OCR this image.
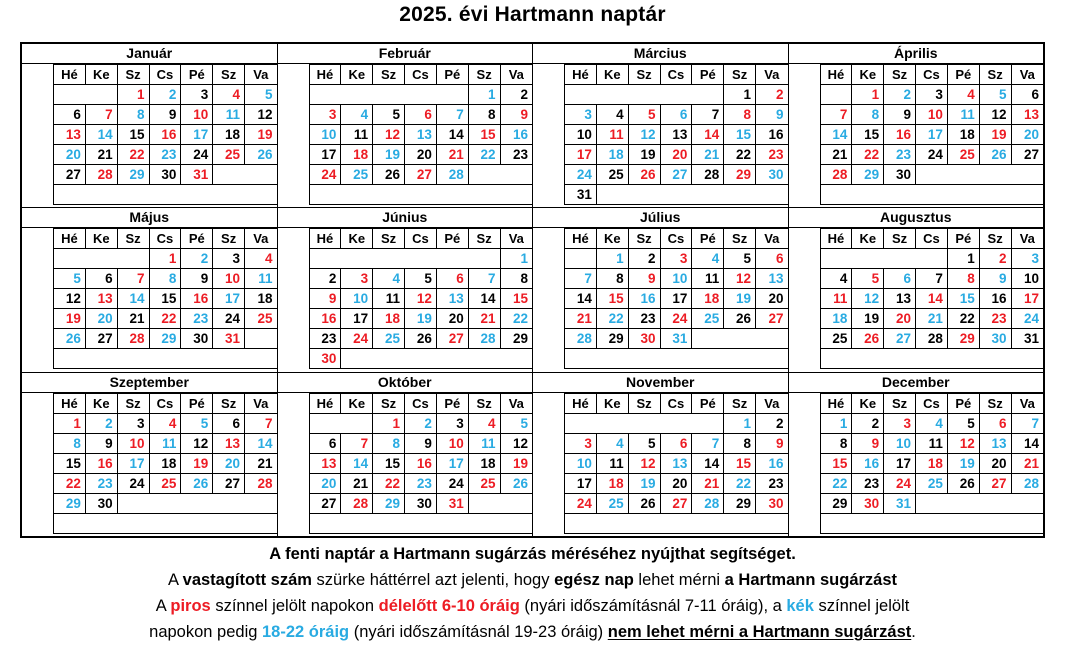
2025. évi Hartmann naptár
Január
Hé	Ke	Sz	Cs	Pé	Sz	Va
		1	2	3	4	5
6	7	8	9	10	11	12
13	14	15	16	17	18	19
20	21	22	23	24	25	26
27	28	29	30	31		

Február
Hé	Ke	Sz	Cs	Pé	Sz	Va
					1	2
3	4	5	6	7	8	9
10	11	12	13	14	15	16
17	18	19	20	21	22	23
24	25	26	27	28		

Március
Hé	Ke	Sz	Cs	Pé	Sz	Va
					1	2
3	4	5	6	7	8	9
10	11	12	13	14	15	16
17	18	19	20	21	22	23
24	25	26	27	28	29	30
31						
Április
Hé	Ke	Sz	Cs	Pé	Sz	Va
	1	2	3	4	5	6
7	8	9	10	11	12	13
14	15	16	17	18	19	20
21	22	23	24	25	26	27
28	29	30				

Május
Hé	Ke	Sz	Cs	Pé	Sz	Va
			1	2	3	4
5	6	7	8	9	10	11
12	13	14	15	16	17	18
19	20	21	22	23	24	25
26	27	28	29	30	31	

Június
Hé	Ke	Sz	Cs	Pé	Sz	Va
						1
2	3	4	5	6	7	8
9	10	11	12	13	14	15
16	17	18	19	20	21	22
23	24	25	26	27	28	29
30						
Július
Hé	Ke	Sz	Cs	Pé	Sz	Va
	1	2	3	4	5	6
7	8	9	10	11	12	13
14	15	16	17	18	19	20
21	22	23	24	25	26	27
28	29	30	31			

Augusztus
Hé	Ke	Sz	Cs	Pé	Sz	Va
				1	2	3
4	5	6	7	8	9	10
11	12	13	14	15	16	17
18	19	20	21	22	23	24
25	26	27	28	29	30	31

Szeptember
Hé	Ke	Sz	Cs	Pé	Sz	Va
1	2	3	4	5	6	7
8	9	10	11	12	13	14
15	16	17	18	19	20	21
22	23	24	25	26	27	28
29	30					

Október
Hé	Ke	Sz	Cs	Pé	Sz	Va
		1	2	3	4	5
6	7	8	9	10	11	12
13	14	15	16	17	18	19
20	21	22	23	24	25	26
27	28	29	30	31		

November
Hé	Ke	Sz	Cs	Pé	Sz	Va
					1	2
3	4	5	6	7	8	9
10	11	12	13	14	15	16
17	18	19	20	21	22	23
24	25	26	27	28	29	30

December
Hé	Ke	Sz	Cs	Pé	Sz	Va
1	2	3	4	5	6	7
8	9	10	11	12	13	14
15	16	17	18	19	20	21
22	23	24	25	26	27	28
29	30	31				

A fenti naptár a Hartmann sugárzás méréséhez nyújthat segítséget.
A vastagított szám szürke háttérrel azt jelenti, hogy egész nap lehet mérni a Hartmann sugárzást
A piros színnel jelölt napokon délelőtt 6-10 óráig (nyári időszámításnál 7-11 óráig), a kék színnel jelölt
napokon pedig 18-22 óráig (nyári időszámításnál 19-23 óráig) nem lehet mérni a Hartmann sugárzást.
